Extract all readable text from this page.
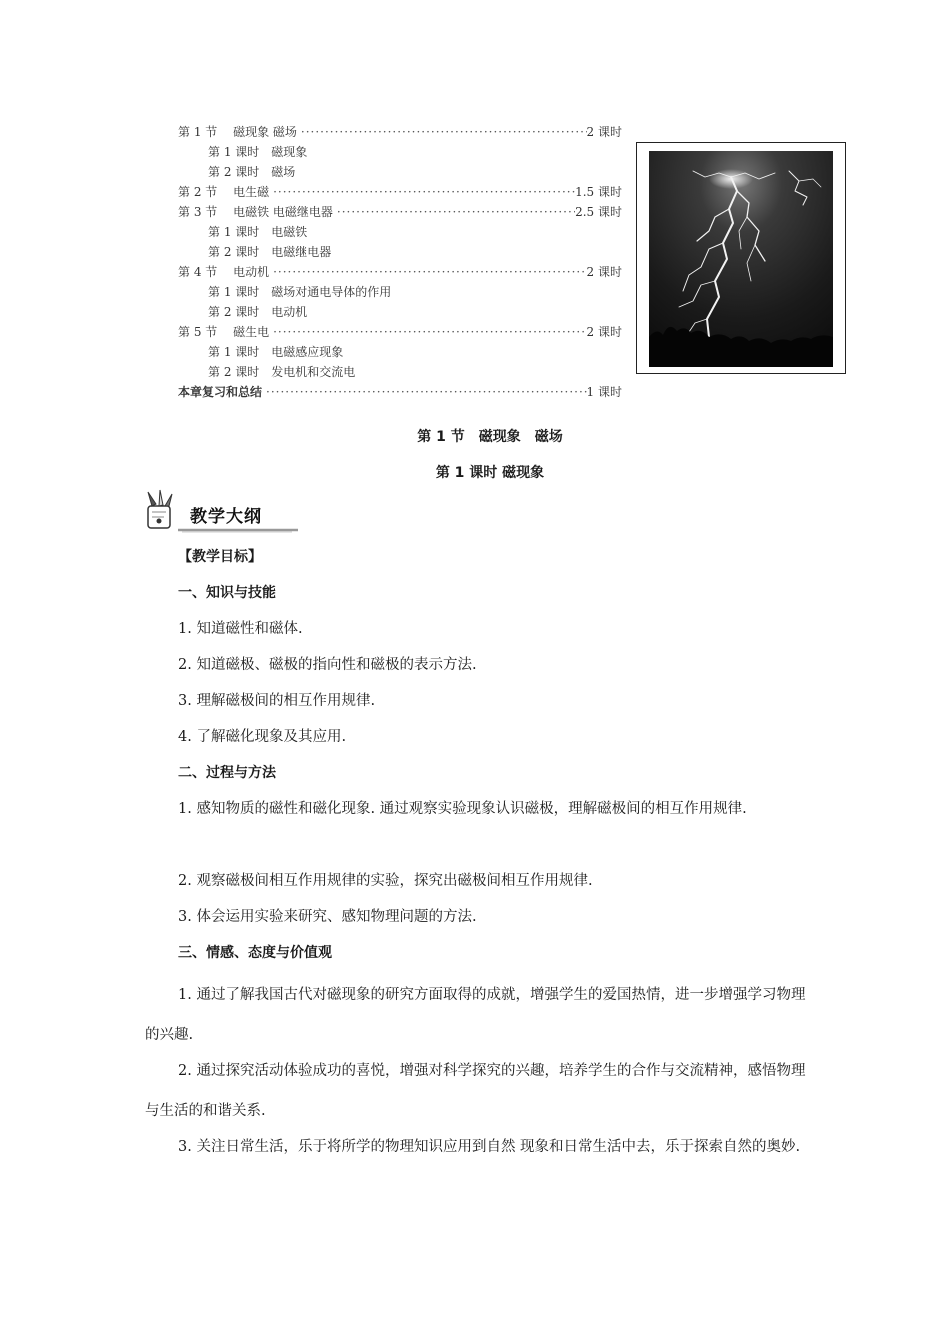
第 1 节　 磁现象 磁场 ·····	2 课时
第 1 课时　磁现象
第 2 课时　磁场
第 2 节　 电生磁 ·····	1.5 课时
第 3 节　 电磁铁 电磁继电器 ·····	2.5 课时
第 1 课时　电磁铁
第 2 课时　电磁继电器
第 4 节　 电动机 ·····	2 课时
第 1 课时　磁场对通电导体的作用
第 2 课时　电动机
第 5 节　 磁生电 ·····	2 课时
第 1 课时　电磁感应现象
第 2 课时　发电机和交流电
本章复习和总结 ·····	1 课时
第 1 节　磁现象　磁场
第 1 课时 磁现象
教学大纲
【教学目标】
一、知识与技能
1. 知道磁性和磁体.
2. 知道磁极、磁极的指向性和磁极的表示方法.
3. 理解磁极间的相互作用规律.
4. 了解磁化现象及其应用.
二、过程与方法
1. 感知物质的磁性和磁化现象. 通过观察实验现象认识磁极，理解磁极间的相互作用规律.
2. 观察磁极间相互作用规律的实验，探究出磁极间相互作用规律.
3. 体会运用实验来研究、感知物理问题的方法.
三、情感、态度与价值观
1. 通过了解我国古代对磁现象的研究方面取得的成就，增强学生的爱国热情，进一步增强学习物理的兴趣.
2. 通过探究活动体验成功的喜悦，增强对科学探究的兴趣，培养学生的合作与交流精神，感悟物理与生活的和谐关系.
3. 关注日常生活，乐于将所学的物理知识应用到自然 现象和日常生活中去，乐于探索自然的奥妙.
